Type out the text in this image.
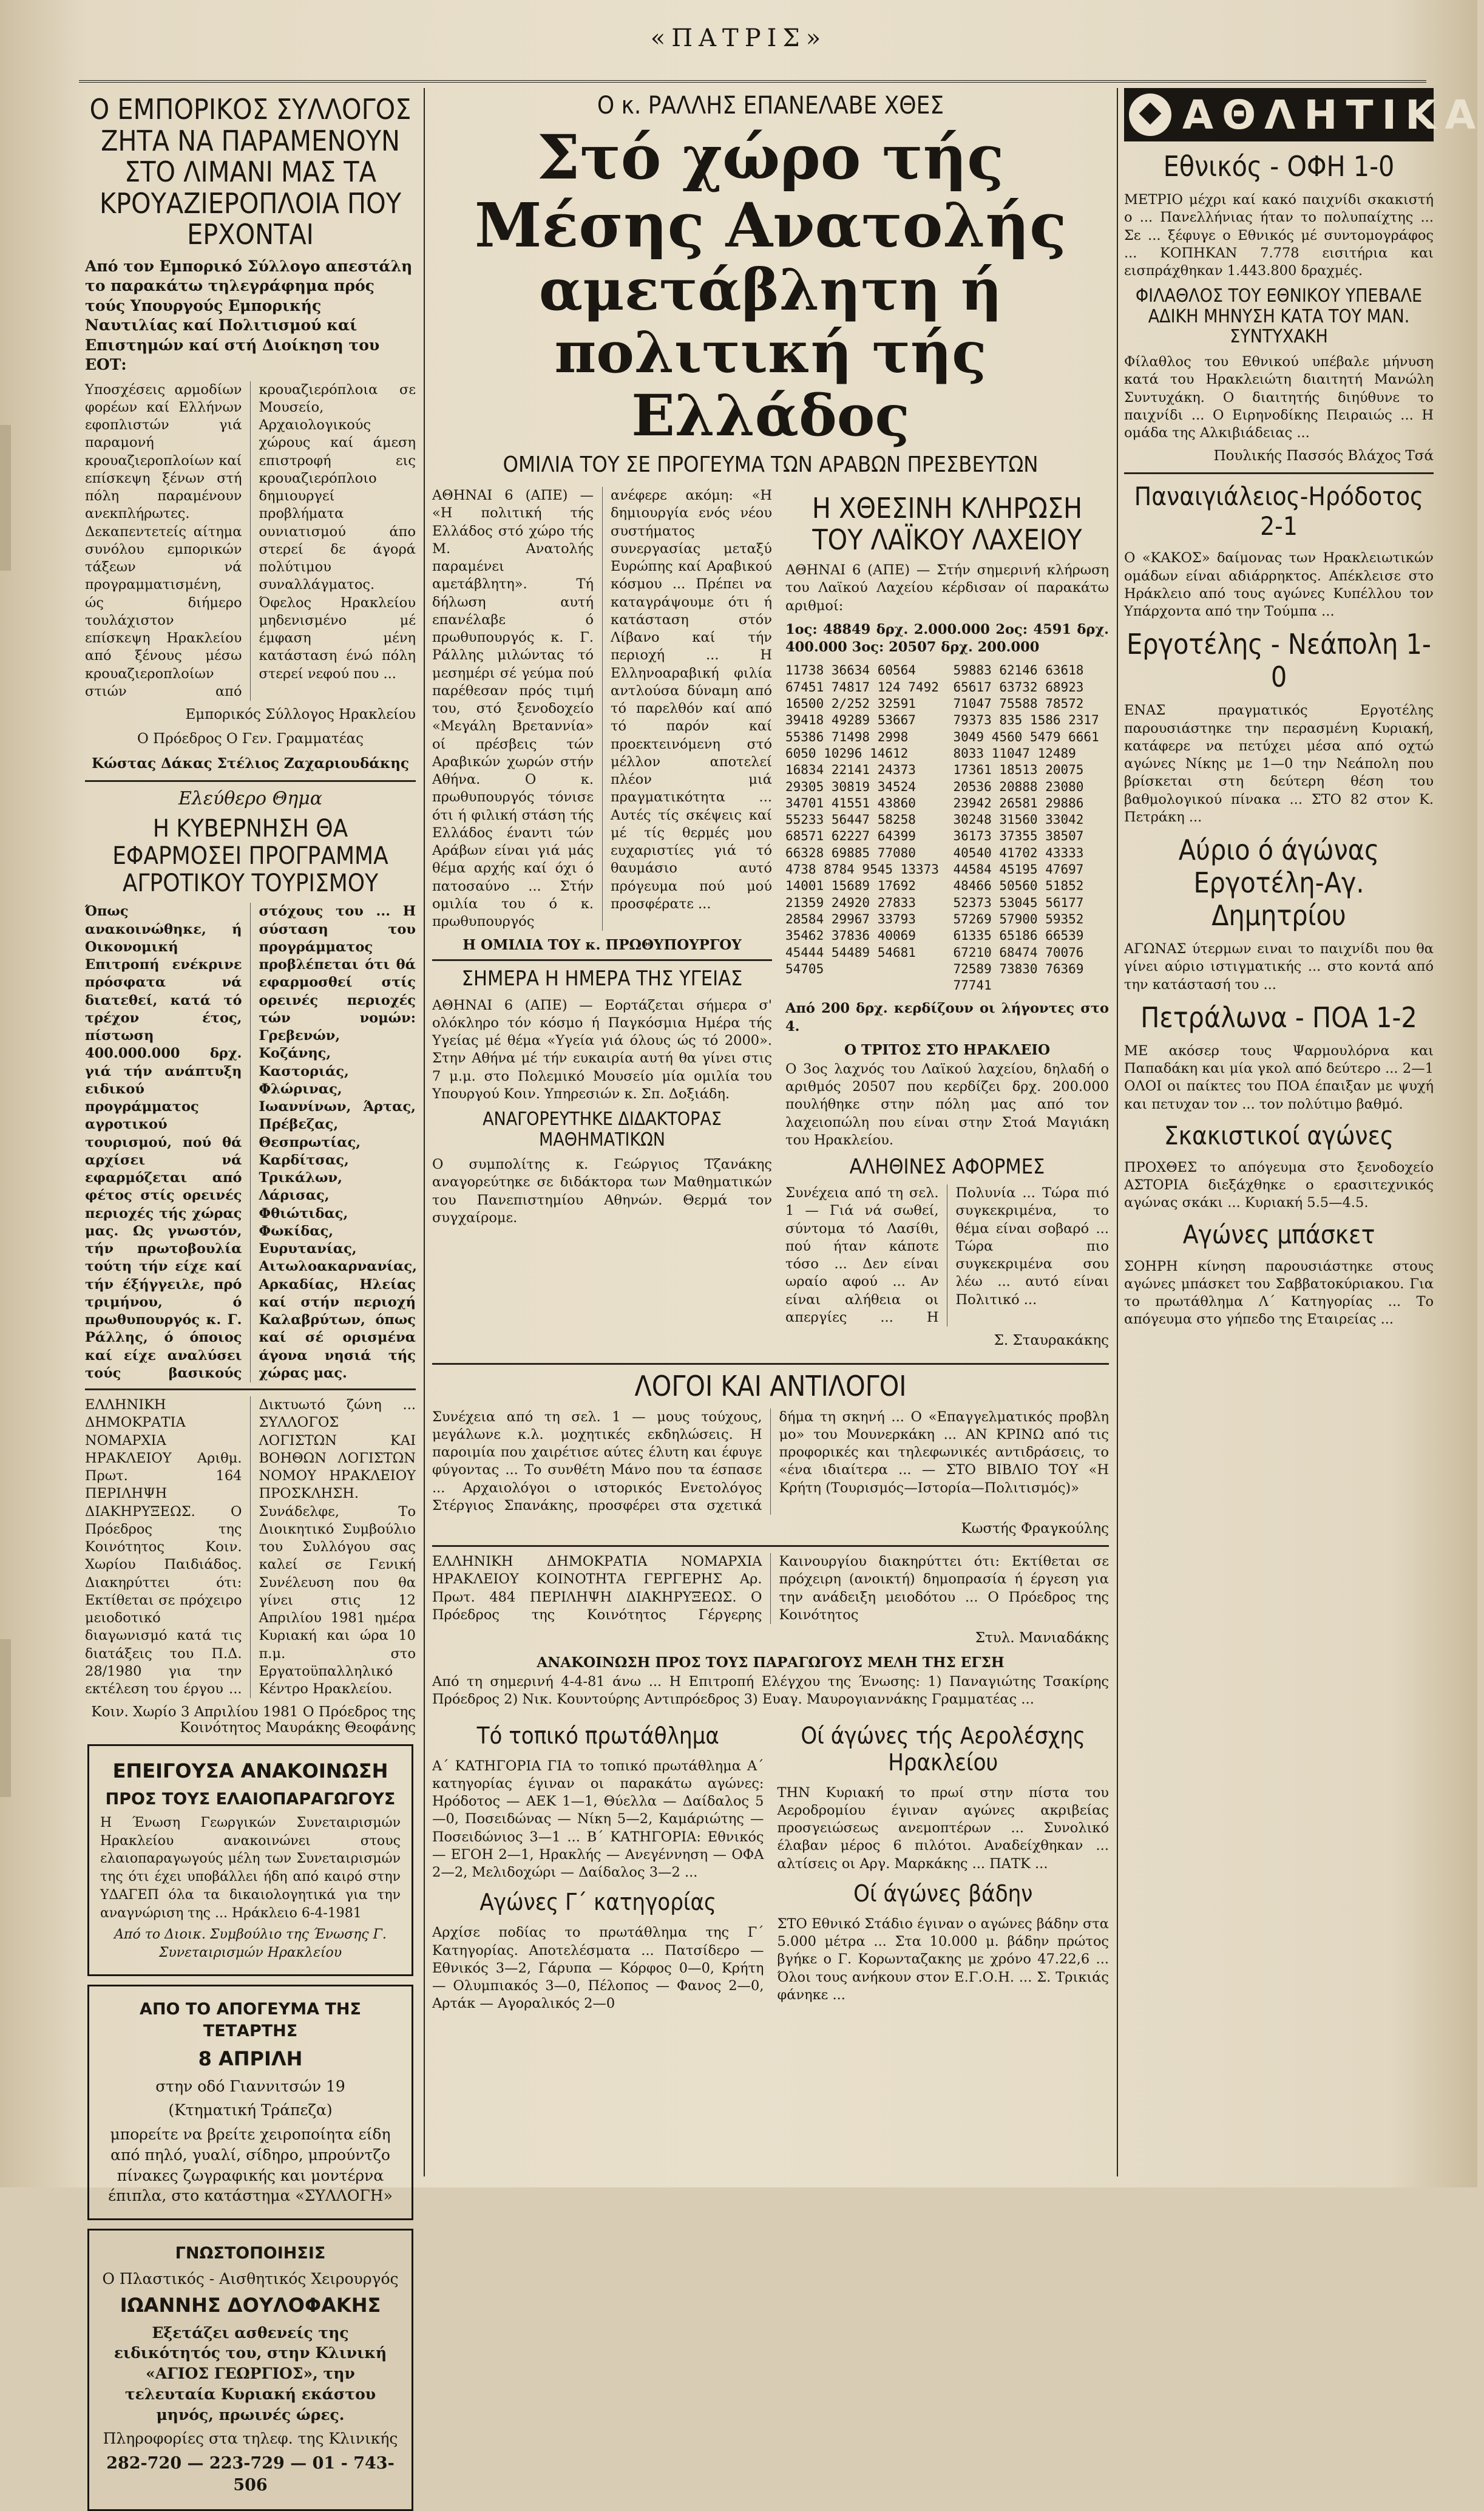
«ΠΑΤΡΙΣ»
Ο ΕΜΠΟΡΙΚΟΣ ΣΥΛΛΟΓΟΣ ΖΗΤΑ ΝΑ ΠΑΡΑΜΕΝΟΥΝ ΣΤΟ ΛΙΜΑΝΙ ΜΑΣ ΤΑ ΚΡΟΥΑΖΙΕΡΟΠΛΟΙΑ ΠΟΥ ΕΡΧΟΝΤΑΙ

Από τον Εμπορικό Σύλλογο απεστάλη το παρακάτω τηλεγράφημα πρός τούς Υπουργούς Εμπορικής Ναυτιλίας καί Πολιτισμού καί Επιστημών καί στή Διοίκηση του ΕΟΤ:

Υποσχέσεις αρμοδίων φορέων καί Ελλήνων εφοπλιστών γιά παραμονή κρουαζιεροπλοίων καί επίσκεψη ξένων στή πόλη παραμένουν ανεκπλήρωτες. Δεκαπεντετείς αίτημα συνόλου εμπορικών τάξεων νά προγραμματισμένη, ώς διήμερο τουλάχιστον επίσκεψη Ηρακλείου από ξένους μέσω κρουαζιεροπλοίων στιών από κρουαζιερόπλοια σε Μουσείο, Αρχαιολογικούς χώρους καί άμεση επιστροφή εις κρουαζιερόπλοιο δημιουργεί προβλήματα ουνιατισμού άπο στερεί δε άγορά πολύτιμου συναλλάγματος. Όφελος Ηρακλείου μηδενισμένο μέ έμφαση μένη κατάσταση ένώ πόλη στερεί νεφού που ...

Εμπορικός Σύλλογος Ηρακλείου

Ο Πρόεδρος Ο Γεν. Γραμματέας

Κώστας Δάκας Στέλιος Ζαχαριουδάκης

Ελεύθερο Θημα
Η ΚΥΒΕΡΝΗΣΗ ΘΑ ΕΦΑΡΜΟΣΕΙ ΠΡΟΓΡΑΜΜΑ ΑΓΡΟΤΙΚΟΥ ΤΟΥΡΙΣΜΟΥ

Όπως ανακοινώθηκε, ή Οικονομική Επιτροπή ενέκρινε πρόσφατα νά διατεθεί, κατά τό τρέχον έτος, πίστωση 400.000.000 δρχ. γιά τήν ανάπτυξη ειδικού προγράμματος αγροτικού τουρισμού, πού θά αρχίσει νά εφαρμόζεται από φέτος στίς ορεινές περιοχές τής χώρας μας. Ως γνωστόν, τήν πρωτοβουλία τούτη τήν είχε καί τήν έξήγγειλε, πρό τριμήνου, ό πρωθυπουργός κ. Γ. Ράλλης, ό όποιος καί είχε αναλύσει τούς βασικούς στόχους του ... Η σύσταση του προγράμματος προβλέπεται ότι θά εφαρμοσθεί στίς ορεινές περιοχές τών νομών: Γρεβενών, Κοζάνης, Καστοριάς, Φλώρινας, Ιωαννίνων, Άρτας, Πρέβεζας, Θεσπρωτίας, Καρδίτσας, Τρικάλων, Λάρισας, Φθιώτιδας, Φωκίδας, Ευρυτανίας, Αιτωλοακαρνανίας, Αρκαδίας, Ηλείας καί στήν περιοχή Καλαβρύτων, όπως καί σέ ορισμένα άγονα νησιά τής χώρας μας.

ΕΛΛΗΝΙΚΗ ΔΗΜΟΚΡΑΤΙΑ ΝΟΜΑΡΧΙΑ ΗΡΑΚΛΕΙΟΥ Αριθμ. Πρωτ. 164 ΠΕΡΙΛΗΨΗ ΔΙΑΚΗΡΥΞΕΩΣ. Ο Πρόεδρος της Κοινότητος Κοιν. Χωρίου Παιδιάδος. Διακηρύττει ότι: Εκτίθεται σε πρόχειρο μειοδοτικό διαγωνισμό κατά τις διατάξεις του Π.Δ. 28/1980 για την εκτέλεση του έργου ... Δικτυωτό ζώνη ... ΣΥΛΛΟΓΟΣ ΛΟΓΙΣΤΩΝ ΚΑΙ ΒΟΗΘΩΝ ΛΟΓΙΣΤΩΝ ΝΟΜΟΥ ΗΡΑΚΛΕΙΟΥ ΠΡΟΣΚΛΗΣΗ. Συνάδελφε, Το Διοικητικό Συμβούλιο του Συλλόγου σας καλεί σε Γενική Συνέλευση που θα γίνει στις 12 Απριλίου 1981 ημέρα Κυριακή και ώρα 10 π.μ. στο Εργατοϋπαλληλικό Κέντρο Ηρακλείου.

Κοιν. Χωρίο 3 Απριλίου 1981 Ο Πρόεδρος της Κοινότητος Μαυράκης Θεοφάνης

ΕΠΕΙΓΟΥΣΑ ΑΝΑΚΟΙΝΩΣΗ

ΠΡΟΣ ΤΟΥΣ ΕΛΑΙΟΠΑΡΑΓΩΓΟΥΣ

Η Ένωση Γεωργικών Συνεταιρισμών Ηρακλείου ανακοινώνει στους ελαιοπαραγωγούς μέλη των Συνεταιρισμών της ότι έχει υποβάλλει ήδη από καιρό στην ΥΔΑΓΕΠ όλα τα δικαιολογητικά για την αναγνώριση της ... Ηράκλειο 6-4-1981

Από το Διοικ. Συμβούλιο της Ένωσης Γ. Συνεταιρισμών Ηρακλείου

ΑΠΟ ΤΟ ΑΠΟΓΕΥΜΑ ΤΗΣ ΤΕΤΑΡΤΗΣ

8 ΑΠΡΙΛΗ

στην οδό Γιαννιτσών 19

(Κτηματική Τράπεζα)

μπορείτε να βρείτε χειροποίητα είδη από πηλό, γυαλί, σίδηρο, μπρούντζο πίνακες ζωγραφικής και μοντέρνα έπιπλα, στο κατάστημα «ΣΥΛΛΟΓΗ»

ΓΝΩΣΤΟΠΟΙΗΣΙΣ

Ο Πλαστικός - Αισθητικός Χειρουργός

ΙΩΑΝΝΗΣ ΔΟΥΛΟΦΑΚΗΣ

Εξετάζει ασθενείς της ειδικότητός του, στην Κλινική «ΑΓΙΟΣ ΓΕΩΡΓΙΟΣ», την τελευταία Κυριακή εκάστου μηνός, πρωινές ώρες.

Πληροφορίες στα τηλεφ. της Κλινικής

282-720 — 223-729 — 01 - 743-506

Ο κ. ΡΑΛΛΗΣ ΕΠΑΝΕΛΑΒΕ ΧΘΕΣ
Στό χώρο τής Μέσης Ανατολής
αμετάβλητη ή πολιτική τής Ελλάδος
ΟΜΙΛΙΑ ΤΟΥ ΣΕ ΠΡΟΓΕΥΜΑ ΤΩΝ ΑΡΑΒΩΝ ΠΡΕΣΒΕΥΤΩΝ

ΑΘΗΝΑΙ 6 (ΑΠΕ) — «Η πολιτική τής Ελλάδος στό χώρο τής Μ. Ανατολής παραμένει αμετάβλητη». Τή δήλωση αυτή επανέλαβε ό πρωθυπουργός κ. Γ. Ράλλης μιλώντας τό μεσημέρι σέ γεύμα πού παρέθεσαν πρός τιμή του, στό ξενοδοχείο «Μεγάλη Βρεταννία» οί πρέσβεις τών Αραβικών χωρών στήν Αθήνα. Ο κ. πρωθυπουργός τόνισε ότι ή φιλική στάση τής Ελλάδος έναντι τών Αράβων είναι γιά μάς θέμα αρχής καί όχι ό πατοσαύνο ... Στήν ομιλία του ό κ. πρωθυπουργός ανέφερε ακόμη: «Η δημιουργία ενός νέου συστήματος συνεργασίας μεταξύ Ευρώπης καί Αραβικού κόσμου ... Πρέπει να καταγράψουμε ότι ή κατάσταση στόν Λίβανο καί τήν περιοχή ... Η Ελληνοαραβική φιλία αντλούσα δύναμη από τό παρελθόν καί από τό παρόν καί προεκτεινόμενη στό μέλλον αποτελεί πλέον μιά πραγματικότητα ... Αυτές τίς σκέψεις καί μέ τίς θερμές μου ευχαριστίες γιά τό θαυμάσιο αυτό πρόγευμα πού μού προσφέρατε ...

Η ΟΜΙΛΙΑ ΤΟΥ κ. ΠΡΩΘΥΠΟΥΡΓΟΥ

ΣΗΜΕΡΑ Η ΗΜΕΡΑ ΤΗΣ ΥΓΕΙΑΣ

ΑΘΗΝΑΙ 6 (ΑΠΕ) — Εορτάζεται σήμερα σ' ολόκληρο τόν κόσμο ή Παγκόσμια Ημέρα τής Υγείας μέ θέμα «Υγεία γιά όλους ώς τό 2000». Στην Αθήνα μέ τήν ευκαιρία αυτή θα γίνει στις 7 μ.μ. στο Πολεμικό Μουσείο μία ομιλία του Υπουργού Κοιν. Υπηρεσιών κ. Σπ. Δοξιάδη.

ΑΝΑΓΟΡΕΥΤΗΚΕ ΔΙΔΑΚΤΟΡΑΣ ΜΑΘΗΜΑΤΙΚΩΝ

Ο συμπολίτης κ. Γεώργιος Τζανάκης αναγορεύτηκε σε διδάκτορα των Μαθηματικών του Πανεπιστημίου Αθηνών. Θερμά τον συγχαίρομε.

Η ΧΘΕΣΙΝΗ ΚΛΗΡΩΣΗ ΤΟΥ ΛΑΪΚΟΥ ΛΑΧΕΙΟΥ

ΑΘΗΝΑΙ 6 (ΑΠΕ) — Στήν σημερινή κλήρωση του Λαϊκού Λαχείου κέρδισαν οί παρακάτω αριθμοί:

1ος: 48849 δρχ. 2.000.000 2ος: 4591 δρχ. 400.000 3ος: 20507 δρχ. 200.000

11738 36634 60564 67451 74817 124 7492 16500 2/252 32591 39418 49289 53667 55386 71498 2998 6050 10296 14612 16834 22141 24373 29305 30819 34524 34701 41551 43860 55233 56447 58258 68571 62227 64399 66328 69885 77080 4738 8784 9545 13373 14001 15689 17692 21359 24920 27833 28584 29967 33793 35462 37836 40069 45444 54489 54681 54705
59883 62146 63618 65617 63732 68923 71047 75588 78572 79373 835 1586 2317 3049 4560 5479 6661 8033 11047 12489 17361 18513 20075 20536 20888 23080 23942 26581 29886 30248 31560 33042 36173 37355 38507 40540 41702 43333 44584 45195 47697 48466 50560 51852 52373 53045 56177 57269 57900 59352 61335 65186 66539 67210 68474 70076 72589 73830 76369 77741

Από 200 δρχ. κερδίζουν οι λήγοντες στο 4.

Ο ΤΡΙΤΟΣ ΣΤΟ ΗΡΑΚΛΕΙΟ

Ο 3ος λαχνός του Λαϊκού λαχείου, δηλαδή ο αριθμός 20507 που κερδίζει δρχ. 200.000 πουλήθηκε στην πόλη μας από τον λαχειοπώλη που είναι στην Στοά Μαγιάκη του Ηρακλείου.

ΑΛΗΘΙΝΕΣ ΑΦΟΡΜΕΣ

Συνέχεια από τη σελ. 1 — Γιά νά σωθεί, σύντομα τό Λασίθι, πού ήταν κάποτε τόσο ... Δεν είναι ωραίο αφού ... Αν είναι αλήθεια οι απεργίες ... Η Πολυνία ... Τώρα πιό συγκεκριμένα, το θέμα είναι σοβαρό ... Τώρα πιο συγκεκριμένα σου λέω ... αυτό είναι Πολιτικό ...

Σ. Σταυρακάκης

ΛΟΓΟΙ ΚΑΙ ΑΝΤΙΛΟΓΟΙ

Συνέχεια από τη σελ. 1 — μους τούχους, μεγάλωνε κ.λ. μοχητικές εκδηλώσεις. Η παροιμία που χαιρέτισε αύτες έλυτη και έφυγε φύγοντας ... Το συνθέτη Μάνο που τα έσπασε ... Αρχαιολόγοι ο ιστορικός Ενετολόγος Στέργιος Σπανάκης, προσφέρει στα σχετικά δήμα τη σκηνή ... Ο «Επαγγελματικός προβλη μο» του Μουνερκάκη ... ΑΝ ΚΡΙΝΩ από τις προφορικές και τηλεφωνικές αντιδράσεις, το «ένα ιδιαίτερα ... — ΣΤΟ ΒΙΒΛΙΟ ΤΟΥ «Η Κρήτη (Τουρισμός—Ιστορία—Πολιτισμός)»

Κωστής Φραγκούλης

ΕΛΛΗΝΙΚΗ ΔΗΜΟΚΡΑΤΙΑ ΝΟΜΑΡΧΙΑ ΗΡΑΚΛΕΙΟΥ ΚΟΙΝΟΤΗΤΑ ΓΕΡΓΕΡΗΣ Αρ. Πρωτ. 484 ΠΕΡΙΛΗΨΗ ΔΙΑΚΗΡΥΞΕΩΣ. Ο Πρόεδρος της Κοινότητος Γέργερης Καινουργίου διακηρύττει ότι: Εκτίθεται σε πρόχειρη (ανοικτή) δημοπρασία ή έργεση για την ανάδειξη μειοδότου ... Ο Πρόεδρος της Κοινότητος

Στυλ. Μανιαδάκης

ΑΝΑΚΟΙΝΩΣΗ ΠΡΟΣ ΤΟΥΣ ΠΑΡΑΓΩΓΟΥΣ ΜΕΛΗ ΤΗΣ ΕΓΣΗ

Από τη σημερινή 4-4-81 άνω ... Η Επιτροπή Ελέγχου της Ένωσης: 1) Παναγιώτης Τσακίρης Πρόεδρος 2) Νικ. Κουντούρης Αντιπρόεδρος 3) Ευαγ. Μαυρογιαννάκης Γραμματέας ...

Τό τοπικό πρωτάθλημα

Α΄ ΚΑΤΗΓΟΡΙΑ ΓΙΑ το τοπικό πρωτάθλημα Α΄ κατηγορίας έγιναν οι παρακάτω αγώνες: Ηρόδοτος — ΑΕΚ 1—1, Θύελλα — Δαίδαλος 5—0, Ποσειδώνας — Νίκη 5—2, Καμάριώτης — Ποσειδώνιος 3—1 ... Β΄ ΚΑΤΗΓΟΡΙΑ: Εθνικός — ΕΓΟΗ 2—1, Ηρακλής — Ανεγέννηση — ΟΦΑ 2—2, Μελιδοχώρι — Δαίδαλος 3—2 ...

Αγώνες Γ΄ κατηγορίας

Αρχίσε ποδίας το πρωτάθλημα της Γ΄ Κατηγορίας. Αποτελέσματα ... Πατσίδερο — Εθνικός 3—2, Γάρυπα — Κόρφος 0—0, Κρήτη — Ολυμπιακός 3—0, Πέλοπος — Φανος 2—0, Αρτάκ — Αγοραλικός 2—0

Οί άγώνες τής Αερολέσχης Ηρακλείου

ΤΗΝ Κυριακή το πρωί στην πίστα του Αεροδρομίου έγιναν αγώνες ακριβείας προσγειώσεως ανεμοπτέρων ... Συνολικό έλαβαν μέρος 6 πιλότοι. Αναδείχθηκαν ... αλτίσεις οι Αργ. Μαρκάκης ... ΠΑΤΚ ...

Οί άγώνες βάδην

ΣΤΟ Εθνικό Στάδιο έγιναν ο αγώνες βάδην στα 5.000 μέτρα ... Στα 10.000 μ. βάδην πρώτος βγήκε ο Γ. Κορωνταζακης με χρόνο 47.22,6 ... Όλοι τους ανήκουν στον Ε.Γ.Ο.Η. ... Σ. Τρικιάς φάνηκε ...

ΑΘΛΗΤΙΚΑ
Εθνικός - ΟΦΗ 1-0

ΜΕΤΡΙΟ μέχρι καί κακό παιχνίδι σκακιστή ο ... Πανελλήνιας ήταν το πολυπαίχτης ... Σε ... ξέφυγε ο Εθνικός μέ συντομογράφος ... ΚΟΠΗΚΑΝ 7.778 εισιτήρια και εισπράχθηκαν 1.443.800 δραχμές.

ΦΙΛΑΘΛΟΣ ΤΟΥ ΕΘΝΙΚΟΥ ΥΠΕΒΑΛΕ ΑΔΙΚΗ ΜΗΝΥΣΗ ΚΑΤΑ ΤΟΥ ΜΑΝ. ΣΥΝΤΥΧΑΚΗ

Φίλαθλος του Εθνικού υπέβαλε μήνυση κατά του Ηρακλειώτη διαιτητή Μανώλη Συντυχάκη. Ο διαιτητής διηύθυνε το παιχνίδι ... Ο Ειρηνοδίκης Πειραιώς ... Η ομάδα της Αλκιβιάδειας ...

Πουλικής Πασσός Βλάχος Τσά

Παναιγιάλειος-Ηρόδοτος 2-1

Ο «ΚΑΚΟΣ» δαίμονας των Ηρακλειωτικών ομάδων είναι αδιάρρηκτος. Απέκλεισε στο Ηράκλειο από τους αγώνες Κυπέλλου τον Υπάρχοντα από την Τούμπα ...

Εργοτέλης - Νεάπολη 1-0

ΕΝΑΣ πραγματικός Εργοτέλης παρουσιάστηκε την περασμένη Κυριακή, κατάφερε να πετύχει μέσα από οχτώ αγώνες Νίκης με 1—0 την Νεάπολη που βρίσκεται στη δεύτερη θέση του βαθμολογικού πίνακα ... ΣΤΟ 82 στον Κ. Πετράκη ...

Αύριο ό άγώνας Εργοτέλη-Αγ. Δημητρίου

ΑΓΩΝΑΣ ύτερμων ειναι το παιχνίδι που θα γίνει αύριο ιστιγματικής ... στο κοντά από την κατάστασή του ...

Πετράλωνα - ΠΟΑ 1-2

ΜΕ ακόσερ τους Ψαρμουλόρνα και Παπαδάκη και μία γκολ από δεύτερο ... 2—1 ΟΛΟΙ οι παίκτες του ΠΟΑ έπαιξαν με ψυχή και πετυχαν τον ... τον πολύτιμο βαθμό.

Σκακιστικοί αγώνες

ΠΡΟΧΘΕΣ το απόγευμα στο ξενοδοχείο ΑΣΤΟΡΙΑ διεξάχθηκε ο ερασιτεχνικός αγώνας σκάκι ... Κυριακή 5.5—4.5.

Αγώνες μπάσκετ

ΣΟΗΡΗ κίνηση παρουσιάστηκε στους αγώνες μπάσκετ του Σαββατοκύριακου. Για το πρωτάθλημα Λ΄ Κατηγορίας ... Το απόγευμα στο γήπεδο της Εταιρείας ...
